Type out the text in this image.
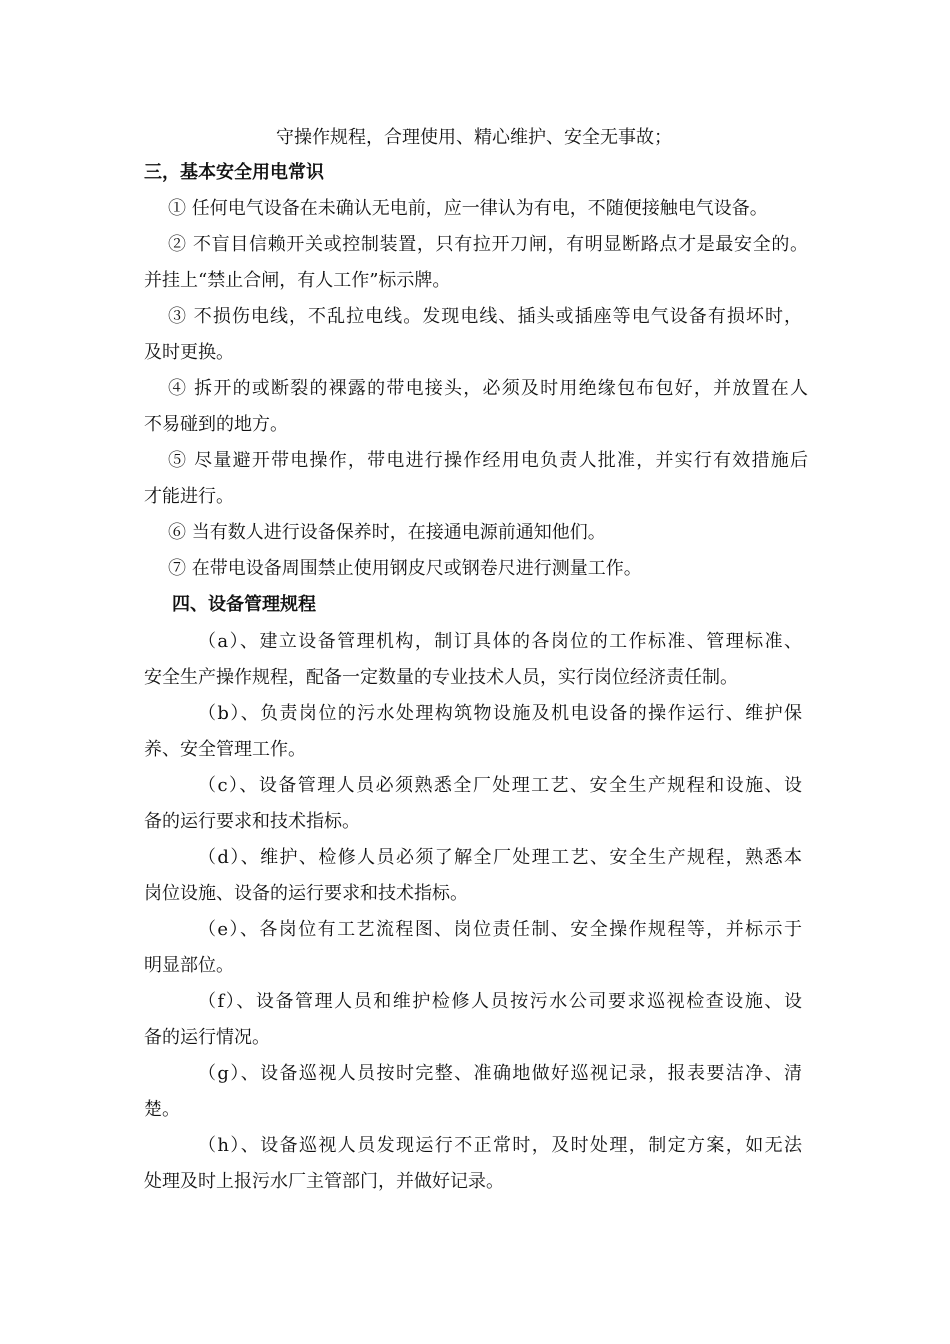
守操作规程，合理使用、精心维护、安全无事故；
三，基本安全用电常识
① 任何电气设备在未确认无电前，应一律认为有电，不随便接触电气设备。
② 不盲目信赖开关或控制装置，只有拉开刀闸，有明显断路点才是最安全的。
并挂上“禁止合闸，有人工作”标示牌。
③ 不损伤电线，不乱拉电线。发现电线、插头或插座等电气设备有损坏时，
及时更换。
④ 拆开的或断裂的裸露的带电接头，必须及时用绝缘包布包好，并放置在人
不易碰到的地方。
⑤ 尽量避开带电操作，带电进行操作经用电负责人批准，并实行有效措施后
才能进行。
⑥ 当有数人进行设备保养时，在接通电源前通知他们。
⑦ 在带电设备周围禁止使用钢皮尺或钢卷尺进行测量工作。
四、设备管理规程
（a）、建立设备管理机构，制订具体的各岗位的工作标准、管理标准、
安全生产操作规程，配备一定数量的专业技术人员，实行岗位经济责任制。
（b）、负责岗位的污水处理构筑物设施及机电设备的操作运行、维护保
养、安全管理工作。
（c）、设备管理人员必须熟悉全厂处理工艺、安全生产规程和设施、设
备的运行要求和技术指标。
（d）、维护、检修人员必须了解全厂处理工艺、安全生产规程，熟悉本
岗位设施、设备的运行要求和技术指标。
（e）、各岗位有工艺流程图、岗位责任制、安全操作规程等，并标示于
明显部位。
（f）、设备管理人员和维护检修人员按污水公司要求巡视检查设施、设
备的运行情况。
（g）、设备巡视人员按时完整、准确地做好巡视记录，报表要洁净、清
楚。
（h）、设备巡视人员发现运行不正常时，及时处理，制定方案，如无法
处理及时上报污水厂主管部门，并做好记录。
